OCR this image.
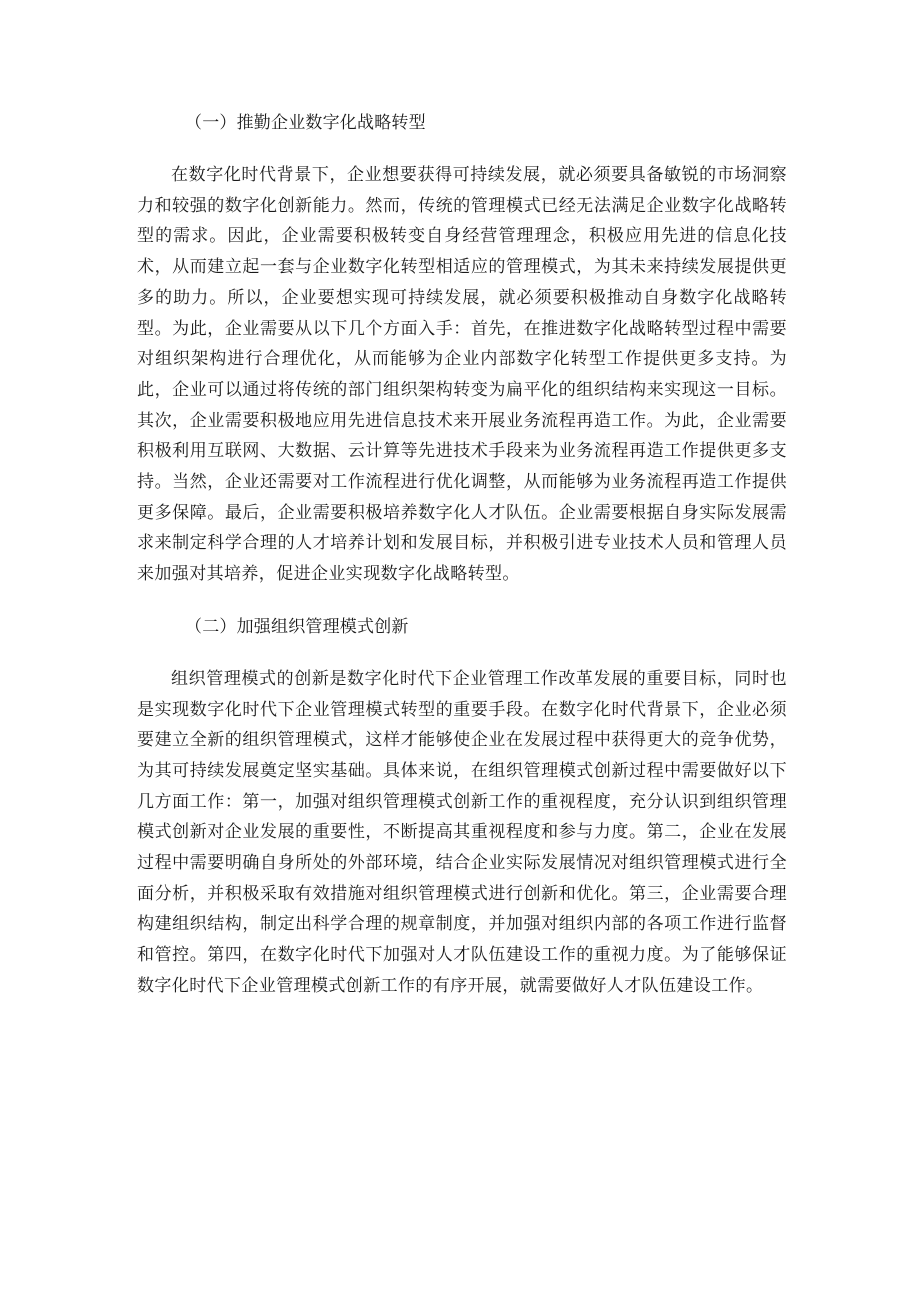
（一）推勤企业数字化战略转型

在数字化时代背景下，企业想要获得可持续发展，就必须要具备敏锐的市场洞察力和较强的数字化创新能力。然而，传统的管理模式已经无法满足企业数字化战略转型的需求。因此，企业需要积极转变自身经营管理理念，积极应用先进的信息化技术，从而建立起一套与企业数字化转型相适应的管理模式，为其未来持续发展提供更多的助力。所以，企业要想实现可持续发展，就必须要积极推动自身数字化战略转型。为此，企业需要从以下几个方面入手：首先，在推进数字化战略转型过程中需要对组织架构进行合理优化，从而能够为企业内部数字化转型工作提供更多支持。为此，企业可以通过将传统的部门组织架构转变为扁平化的组织结构来实现这一目标。其次，企业需要积极地应用先进信息技术来开展业务流程再造工作。为此，企业需要积极利用互联网、大数据、云计算等先进技术手段来为业务流程再造工作提供更多支持。当然，企业还需要对工作流程进行优化调整，从而能够为业务流程再造工作提供更多保障。最后，企业需要积极培养数字化人才队伍。企业需要根据自身实际发展需求来制定科学合理的人才培养计划和发展目标，并积极引进专业技术人员和管理人员来加强对其培养，促进企业实现数字化战略转型。

（二）加强组织管理模式创新

组织管理模式的创新是数字化时代下企业管理工作改革发展的重要目标，同时也是实现数字化时代下企业管理模式转型的重要手段。在数字化时代背景下，企业必须要建立全新的组织管理模式，这样才能够使企业在发展过程中获得更大的竞争优势，为其可持续发展奠定坚实基础。具体来说，在组织管理模式创新过程中需要做好以下几方面工作：第一，加强对组织管理模式创新工作的重视程度，充分认识到组织管理模式创新对企业发展的重要性，不断提高其重视程度和参与力度。第二，企业在发展过程中需要明确自身所处的外部环境，结合企业实际发展情况对组织管理模式进行全面分析，并积极采取有效措施对组织管理模式进行创新和优化。第三，企业需要合理构建组织结构，制定出科学合理的规章制度，并加强对组织内部的各项工作进行监督和管控。第四，在数字化时代下加强对人才队伍建设工作的重视力度。为了能够保证数字化时代下企业管理模式创新工作的有序开展，就需要做好人才队伍建设工作。
